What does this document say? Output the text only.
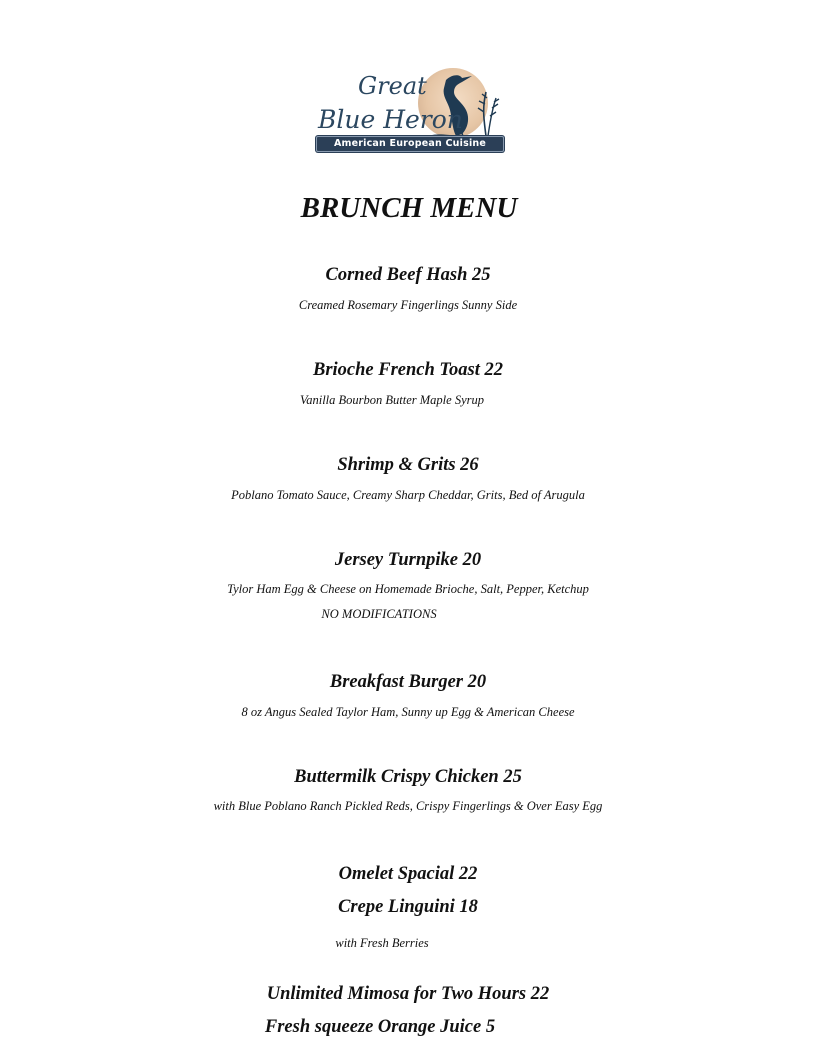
Great
Blue Heron
American European Cuisine
BRUNCH MENU
Corned Beef Hash 25
Creamed Rosemary Fingerlings Sunny Side
Brioche French Toast 22
Vanilla Bourbon Butter Maple Syrup
Shrimp & Grits 26
Poblano Tomato Sauce, Creamy Sharp Cheddar, Grits, Bed of Arugula
Jersey Turnpike 20
Tylor Ham Egg & Cheese on Homemade Brioche, Salt, Pepper, Ketchup
NO MODIFICATIONS
Breakfast Burger 20
8 oz Angus Sealed Taylor Ham, Sunny up Egg & American Cheese
Buttermilk Crispy Chicken 25
with Blue Poblano Ranch Pickled Reds, Crispy Fingerlings & Over Easy Egg
Omelet Spacial 22
Crepe Linguini 18
with Fresh Berries
Unlimited Mimosa for Two Hours 22
Fresh squeeze Orange Juice 5
